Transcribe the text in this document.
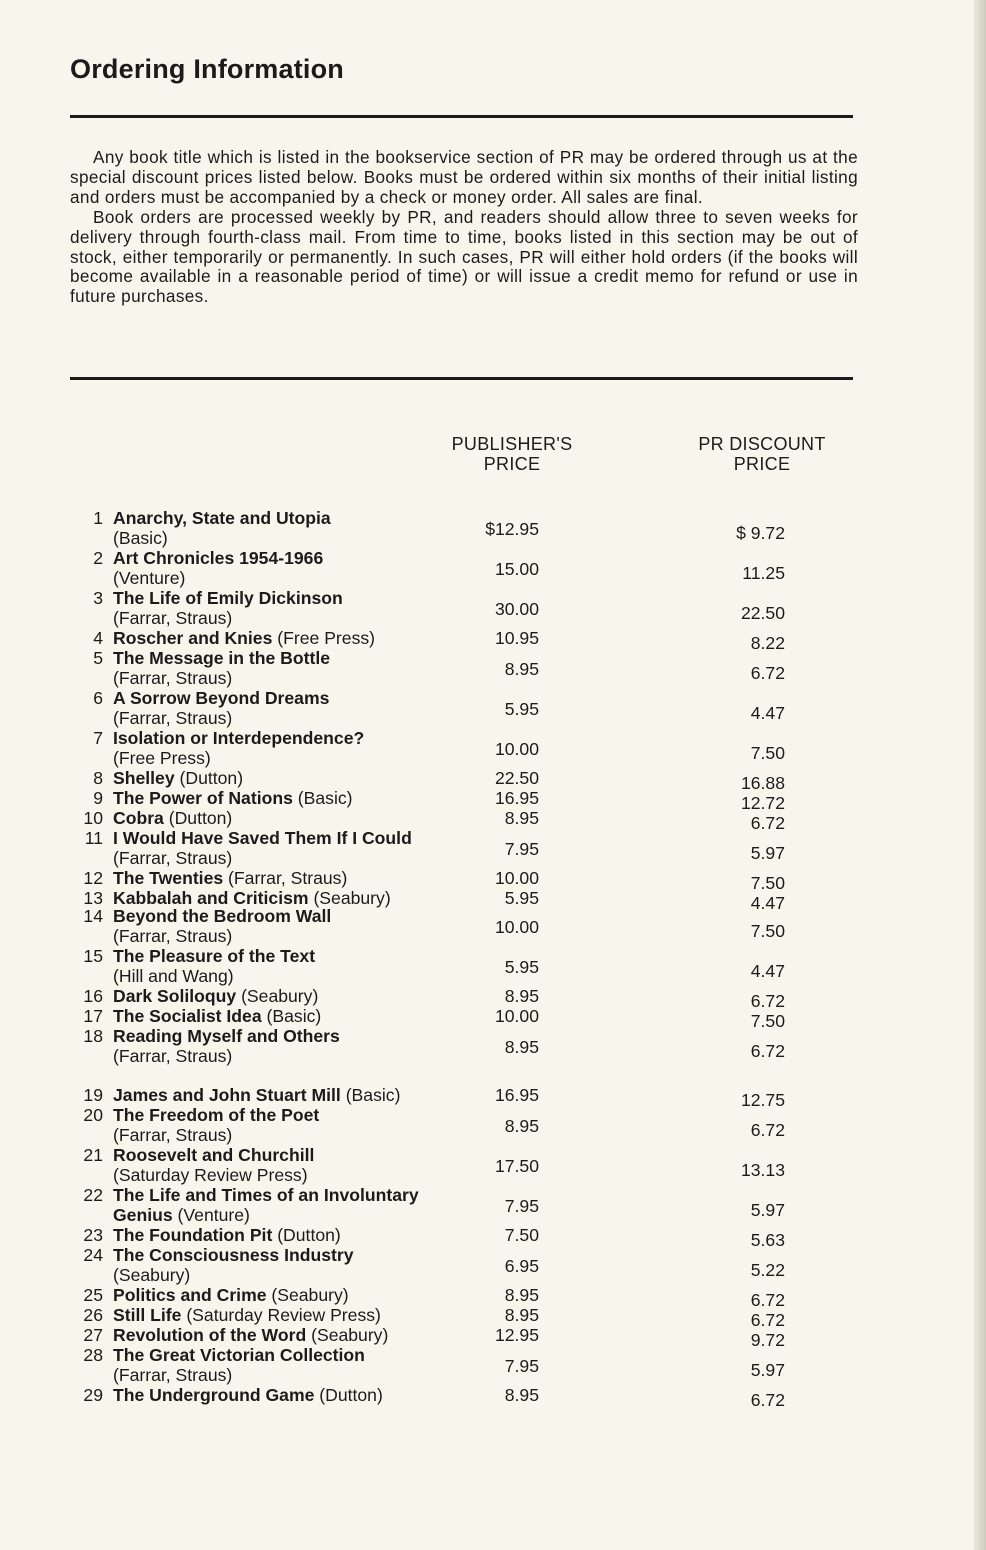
Ordering Information

Any book title which is listed in the bookservice section of PR may be ordered through us at the special discount prices listed below. Books must be ordered within six months of their initial listing and orders must be accompanied by a check or money order. All sales are final.

Book orders are processed weekly by PR, and readers should allow three to seven weeks for delivery through fourth-class mail. From time to time, books listed in this section may be out of stock, either temporarily or permanently. In such cases, PR will either hold orders (if the books will become available in a reasonable period of time) or will issue a credit memo for refund or use in future purchases.

PUBLISHER'S
PRICE
PR DISCOUNT
PRICE
1 Anarchy, State and Utopia
(Basic)	$12.95	$ 9.72
2 Art Chronicles 1954-1966
(Venture)	15.00	11.25
3 The Life of Emily Dickinson
(Farrar, Straus)	30.00	22.50
4 Roscher and Knies (Free Press)	10.95	8.22
5 The Message in the Bottle
(Farrar, Straus)	8.95	6.72
6 A Sorrow Beyond Dreams
(Farrar, Straus)	5.95	4.47
7 Isolation or Interdependence?
(Free Press)	10.00	7.50
8 Shelley (Dutton)	22.50	16.88
9 The Power of Nations (Basic)	16.95	12.72
10 Cobra (Dutton)	8.95	6.72
11 I Would Have Saved Them If I Could
(Farrar, Straus)	7.95	5.97
12 The Twenties (Farrar, Straus)	10.00	7.50
13 Kabbalah and Criticism (Seabury)	5.95	4.47
14 Beyond the Bedroom Wall
(Farrar, Straus)	10.00	7.50
15 The Pleasure of the Text
(Hill and Wang)	5.95	4.47
16 Dark Soliloquy (Seabury)	8.95	6.72
17 The Socialist Idea (Basic)	10.00	7.50
18 Reading Myself and Others
(Farrar, Straus)	8.95	6.72
19 James and John Stuart Mill (Basic)	16.95	12.75
20 The Freedom of the Poet
(Farrar, Straus)	8.95	6.72
21 Roosevelt and Churchill
(Saturday Review Press)	17.50	13.13
22 The Life and Times of an Involuntary
Genius (Venture)	7.95	5.97
23 The Foundation Pit (Dutton)	7.50	5.63
24 The Consciousness Industry
(Seabury)	6.95	5.22
25 Politics and Crime (Seabury)	8.95	6.72
26 Still Life (Saturday Review Press)	8.95	6.72
27 Revolution of the Word (Seabury)	12.95	9.72
28 The Great Victorian Collection
(Farrar, Straus)	7.95	5.97
29 The Underground Game (Dutton)	8.95	6.72
